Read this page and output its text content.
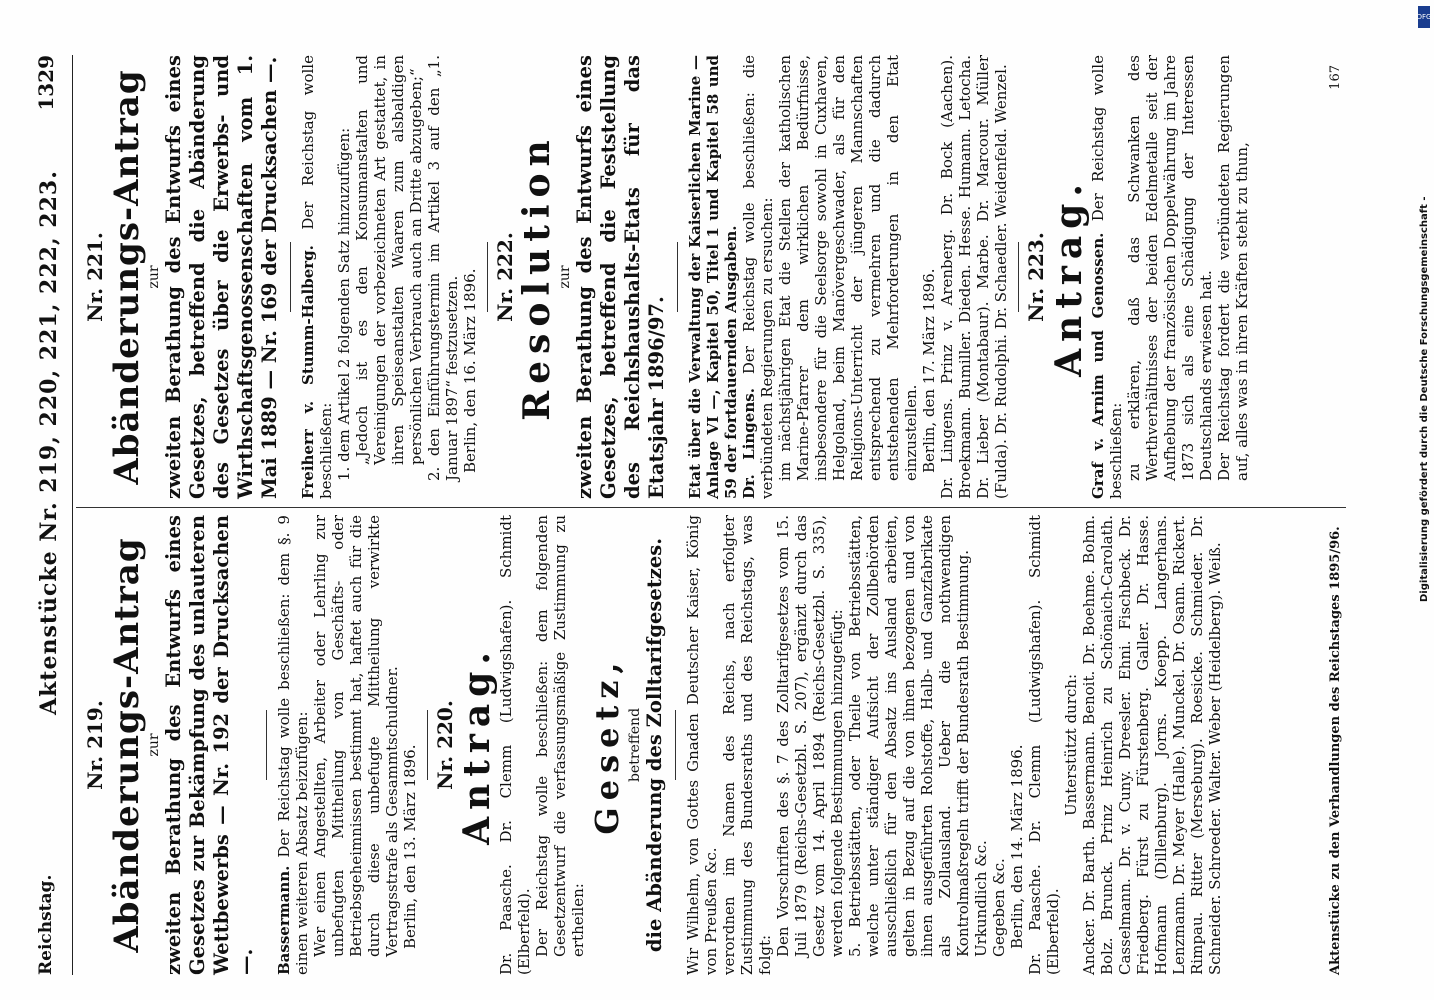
Reichstag.
Aktenstücke Nr. 219, 220, 221, 222, 223.
1329
Nr. 219. Abänderungs-Antrag zur zweiten Berathung des Entwurfs eines Gesetzes zur Bekämpfung des unlauteren Wettbewerbs — Nr. 192 der Drucksachen —. Bassermann. Der Reichstag wolle beschließen: dem §. 9 einen weiteren Absatz beizufügen: Wer einen Angestellten, Arbeiter oder Lehrling zur unbefugten Mittheilung von Geschäfts- oder Betriebsgeheimnissen bestimmt hat, haftet auch für die durch diese unbefugte Mittheilung verwirkte Vertragsstrafe als Gesammtschuldner. Berlin, den 13. März 1896. Nr. 220. Antrag. Dr. Paasche. Dr. Clemm (Ludwigshafen). Schmidt (Elberfeld). Der Reichstag wolle beschließen: dem folgenden Gesetzentwurf die verfassungsmäßige Zustimmung zu ertheilen:

Gesetz, betreffend die Abänderung des Zolltarifgesetzes. Wir Wilhelm, von Gottes Gnaden Deutscher Kaiser, König von Preußen &c. verordnen im Namen des Reichs, nach erfolgter Zustimmung des Bundesraths und des Reichstags, was folgt: Den Vorschriften des §. 7 des Zolltarifgesetzes vom 15. Juli 1879 (Reichs-Gesetzbl. S. 207), ergänzt durch das Gesetz vom 14. April 1894 (Reichs-Gesetzbl. S. 335), werden folgende Bestimmungen hinzugefügt: 5. Betriebsstätten, oder Theile von Betriebsstätten, welche unter ständiger Aufsicht der Zollbehörden ausschließlich für den Absatz ins Ausland arbeiten, gelten in Bezug auf die von ihnen bezogenen und von ihnen ausgeführten Rohstoffe, Halb- und Ganzfabrikate als Zollausland. Ueber die nothwendigen Kontrolmaßregeln trifft der Bundesrath Bestimmung. Urkundlich &c. Gegeben &c. Berlin, den 14. März 1896. Dr. Paasche. Dr. Clemm (Ludwigshafen). Schmidt (Elberfeld).

Unterstützt durch: Ancker. Dr. Barth. Bassermann. Benoit. Dr. Boehme. Bohm. Bolz. Brunck. Prinz Heinrich zu Schönaich-Carolath. Casselmann. Dr. v. Cuny. Dreesler. Ehni. Fischbeck. Dr. Friedberg. Fürst zu Fürstenberg. Galler. Dr. Hasse. Hofmann (Dillenburg). Jorns. Koepp. Langerhans. Lenzmann. Dr. Meyer (Halle). Munckel. Dr. Osann. Rickert. Rimpau. Ritter (Merseburg). Roesicke. Schmieder. Dr. Schneider. Schroeder. Walter. Weber (Heidelberg). Weiß.

Nr. 221. Abänderungs-Antrag zur zweiten Berathung des Entwurfs eines Gesetzes, betreffend die Abänderung des Gesetzes über die Erwerbs- und Wirthschaftsgenossenschaften vom 1. Mai 1889 — Nr. 169 der Drucksachen —. Freiherr v. Stumm-Halberg. Der Reichstag wolle beschließen: 1. dem Artikel 2 folgenden Satz hinzuzufügen: „Jedoch ist es den Konsumanstalten und Vereinigungen der vorbezeichneten Art gestattet, in ihren Speiseanstalten Waaren zum alsbaldigen persönlichen Verbrauch auch an Dritte abzugeben;“ 2. den Einführungstermin im Artikel 3 auf den „1. Januar 1897“ festzusetzen. Berlin, den 16. März 1896. Nr. 222. Resolution zur zweiten Berathung des Entwurfs eines Gesetzes, betreffend die Feststellung des Reichshaushalts-Etats für das Etatsjahr 1896/97. Etat über die Verwaltung der Kaiserlichen Marine — Anlage VI —, Kapitel 50, Titel 1 und Kapitel 58 und 59 der fortdauernden Ausgaben. Dr. Lingens. Der Reichstag wolle beschließen: die verbündeten Regierungen zu ersuchen: im nächstjährigen Etat die Stellen der katholischen Marine-Pfarrer dem wirklichen Bedürfnisse, insbesondere für die Seelsorge sowohl in Cuxhaven, Helgoland, beim Manövergeschwader, als für den Religions-Unterricht der jüngeren Mannschaften entsprechend zu vermehren und die dadurch entstehenden Mehrforderungen in den Etat einzustellen. Berlin, den 17. März 1896. Dr. Lingens. Prinz v. Arenberg. Dr. Bock (Aachen). Broekmann. Bumiller. Dieden. Hesse. Humann. Letocha. Dr. Lieber (Montabaur). Marbe. Dr. Marcour. Müller (Fulda). Dr. Rudolphi. Dr. Schaedler. Weidenfeld. Wenzel. Nr. 223. Antrag. Graf v. Arnim und Genossen. Der Reichstag wolle beschließen: zu erklären, daß das Schwanken des Werthverhältnisses der beiden Edelmetalle seit der Aufhebung der französischen Doppelwährung im Jahre 1873 sich als eine Schädigung der Interessen Deutschlands erwiesen hat. Der Reichstag fordert die verbündeten Regierungen auf, alles was in ihren Kräften steht zu thun,

Aktenstücke zu den Verhandlungen des Reichstages 1895/96.
167
Digitalisierung gefördert durch die Deutsche Forschungsgemeinschaft -
DFG
